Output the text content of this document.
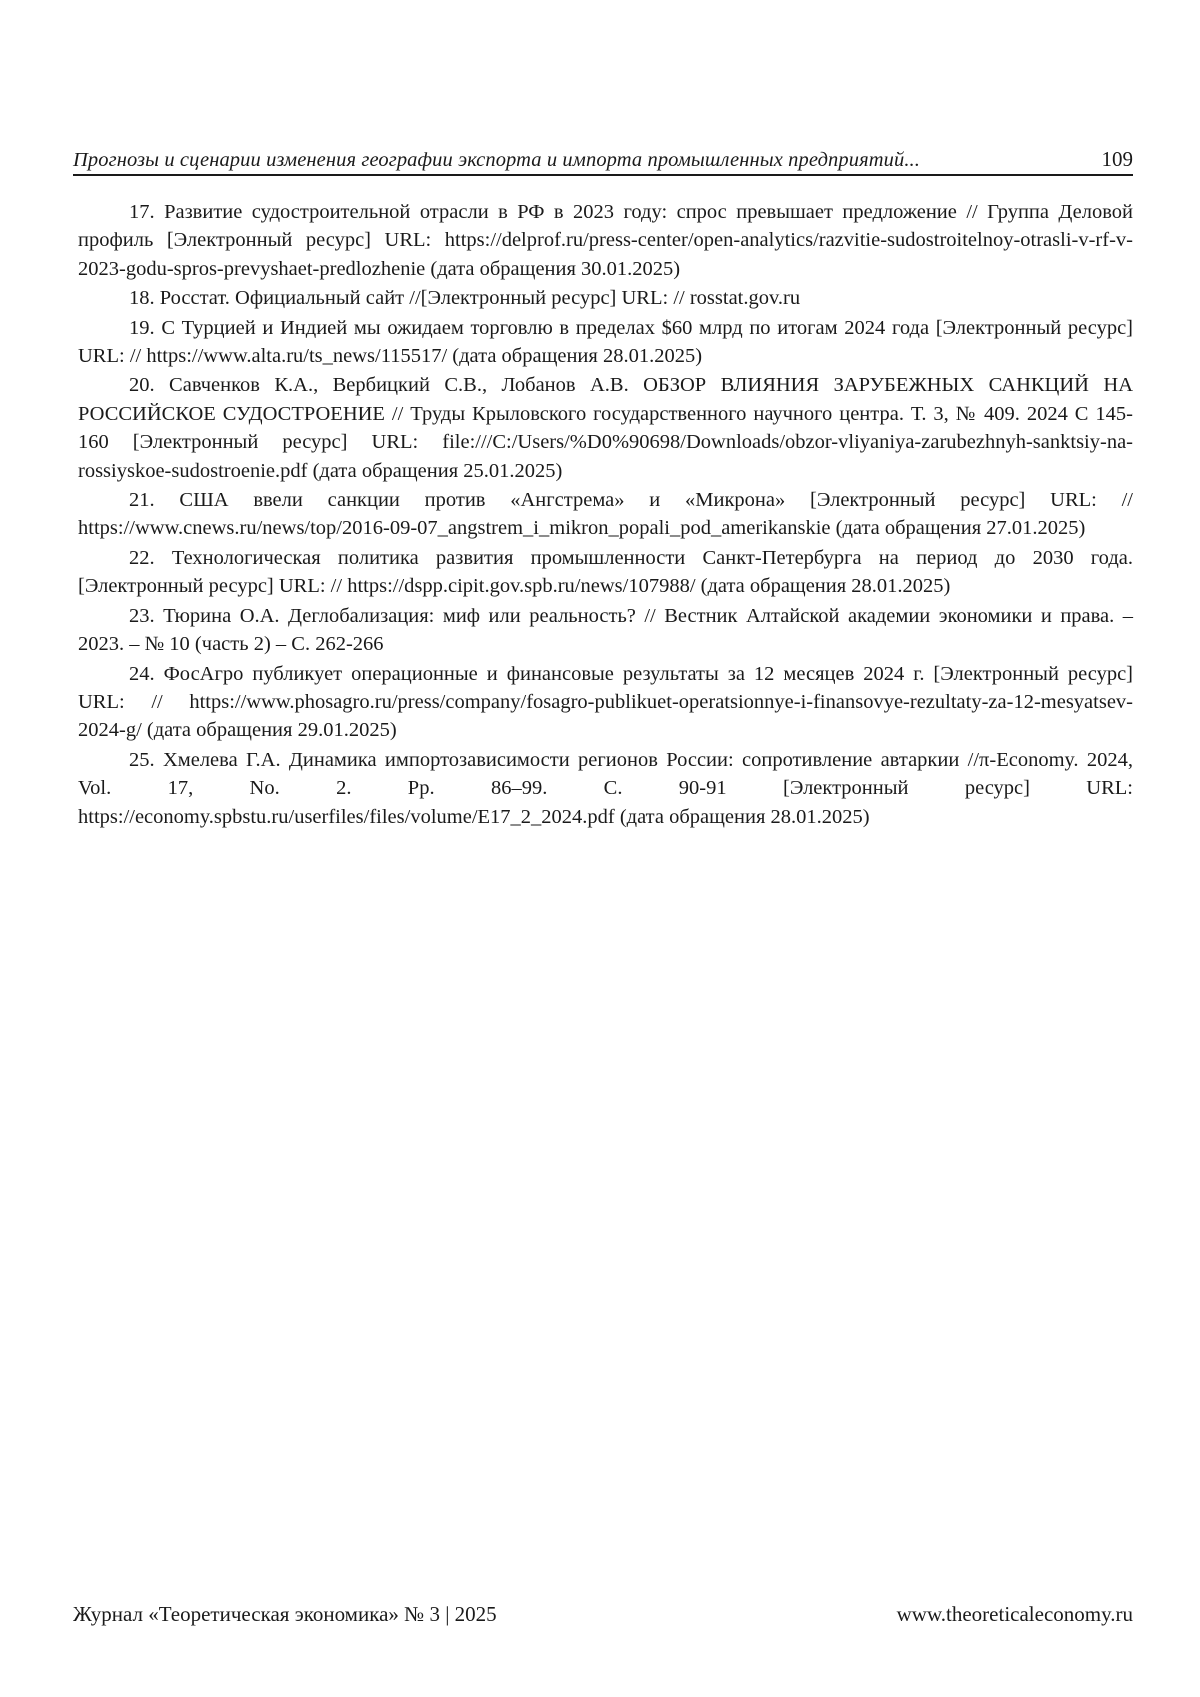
Прогнозы и сценарии изменения географии экспорта и импорта промышленных предприятий...	109
17. Развитие судостроительной отрасли в РФ в 2023 году: спрос превышает предложение // Группа Деловой профиль [Электронный ресурс] URL: https://delprof.ru/press-center/open-analytics/razvitie-sudostroitelnoy-otrasli-v-rf-v-2023-godu-spros-prevyshaet-predlozhenie (дата обращения 30.01.2025)
18. Росстат. Официальный сайт //[Электронный ресурс] URL: // rosstat.gov.ru
19. С Турцией и Индией мы ожидаем торговлю в пределах $60 млрд по итогам 2024 года [Электронный ресурс] URL: // https://www.alta.ru/ts_news/115517/ (дата обращения 28.01.2025)
20. Савченков К.А., Вербицкий С.В., Лобанов А.В. ОБЗОР ВЛИЯНИЯ ЗАРУБЕЖНЫХ САНКЦИЙ НА РОССИЙСКОЕ СУДОСТРОЕНИЕ // Труды Крыловского государственного научного центра. Т. 3, № 409. 2024 С 145- 160 [Электронный ресурс] URL: file:///C:/Users/%D0%90698/Downloads/obzor-vliyaniya-zarubezhnyh-sanktsiy-na-rossiyskoe-sudostroenie.pdf (дата обращения 25.01.2025)
21. США ввели санкции против «Ангстрема» и «Микрона» [Электронный ресурс] URL: // https://www.cnews.ru/news/top/2016-09-07_angstrem_i_mikron_popali_pod_amerikanskie (дата обращения 27.01.2025)
22. Технологическая политика развития промышленности Санкт-Петербурга на период до 2030 года. [Электронный ресурс] URL: // https://dspp.cipit.gov.spb.ru/news/107988/ (дата обращения 28.01.2025)
23. Тюрина О.А. Деглобализация: миф или реальность? // Вестник Алтайской академии экономики и права. – 2023. – № 10 (часть 2) – С. 262-266
24. ФосАгро публикует операционные и финансовые результаты за 12 месяцев 2024 г. [Электронный ресурс] URL: // https://www.phosagro.ru/press/company/fosagro-publikuet-operatsionnye-i-finansovye-rezultaty-za-12-mesyatsev-2024-g/ (дата обращения 29.01.2025)
25. Хмелева Г.А. Динамика импортозависимости регионов России: сопротивление автаркии //π-Economy. 2024, Vol. 17, No. 2. Pp. 86–99. С. 90-91 [Электронный ресурс] URL: https://economy.spbstu.ru/userfiles/files/volume/E17_2_2024.pdf (дата обращения 28.01.2025)
Журнал «Теоретическая экономика» № 3 | 2025	www.theoreticaleconomy.ru
